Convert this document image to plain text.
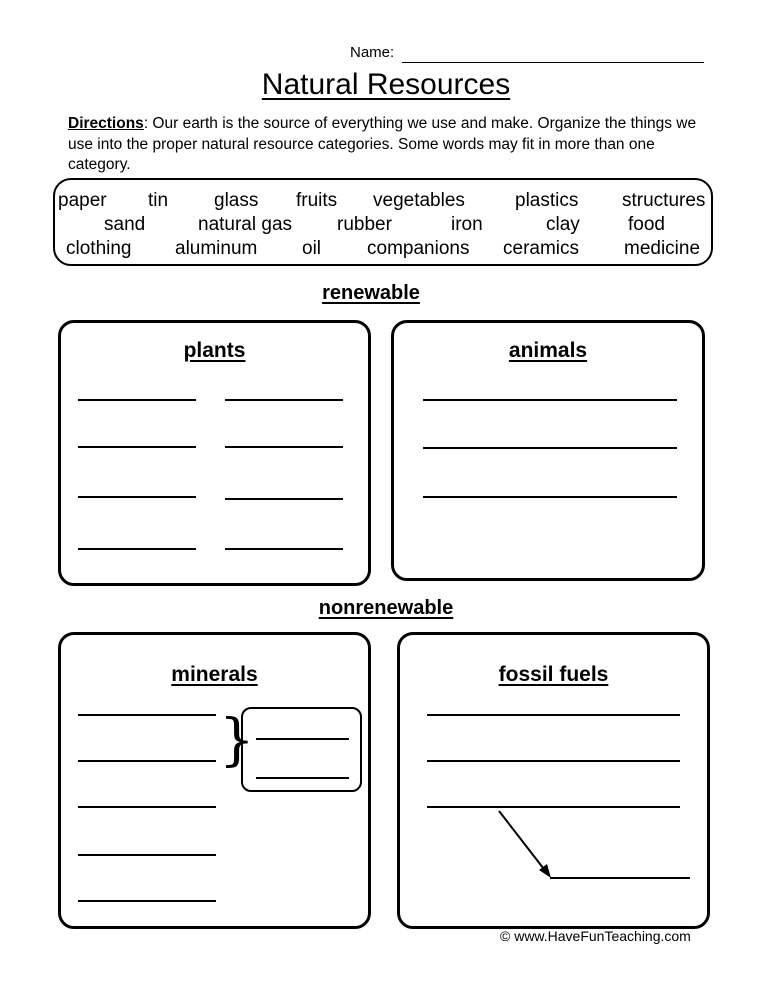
Name:
Natural Resources
Directions: Our earth is the source of everything we use and make. Organize the things we use into the proper natural resource categories. Some words may fit in more than one category.
paper tin glass fruits vegetables	plastics structures
sand	natural gas rubber	iron	clay	food
clothing aluminum oil companions ceramics medicine
renewable
plants	animals
nonrenewable
minerals
}
fossil fuels
© www.HaveFunTeaching.com
